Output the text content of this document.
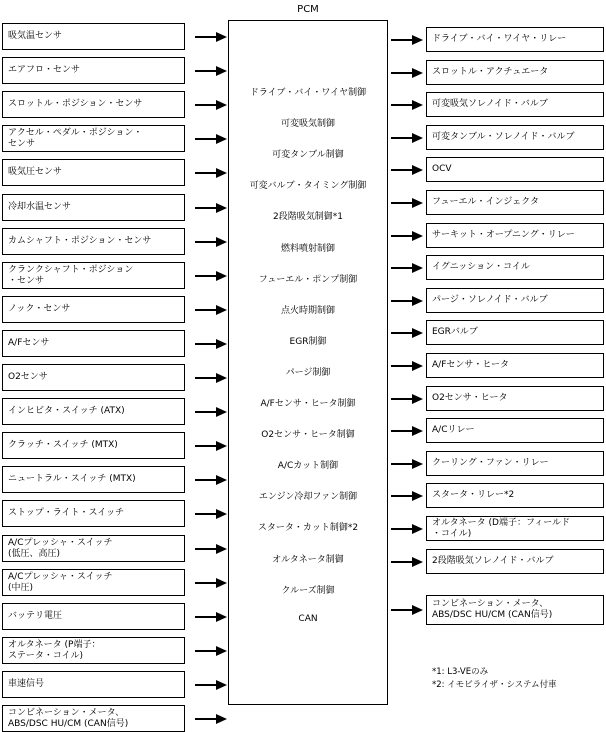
PCM
ドライブ・バイ・ワイヤ制御
可変吸気制御
可変タンブル制御
可変バルブ・タイミング制御
2段階吸気制御*1
燃料噴射制御
フューエル・ポンプ制御
点火時期制御
EGR制御
パージ制御
A/Fセンサ・ヒータ制御
O2センサ・ヒータ制御
A/Cカット制御
エンジン冷却ファン制御
スタータ・カット制御*2
オルタネータ制御
クルーズ制御
CAN
吸気温センサ
エアフロ・センサ
スロットル・ポジション・センサ
アクセル・ペダル・ポジション・
センサ
吸気圧センサ
冷却水温センサ
カムシャフト・ポジション・センサ
クランクシャフト・ポジション
・センサ
ノック・センサ
A/Fセンサ
O2センサ
インヒビタ・スイッチ (ATX)
クラッチ・スイッチ (MTX)
ニュートラル・スイッチ (MTX)
ストップ・ライト・スイッチ
A/Cプレッシャ・スイッチ
(低圧、高圧)
A/Cプレッシャ・スイッチ
(中圧)
バッテリ電圧
オルタネータ (P端子：
ステータ・コイル)
車速信号
コンビネーション・メータ、
ABS/DSC HU/CM (CAN信号)
ドライブ・バイ・ワイヤ・リレー
スロットル・アクチュエータ
可変吸気ソレノイド・バルブ
可変タンブル・ソレノイド・バルブ
OCV
フューエル・インジェクタ
サーキット・オープニング・リレー
イグニッション・コイル
パージ・ソレノイド・バルブ
EGRバルブ
A/Fセンサ・ヒータ
O2センサ・ヒータ
A/Cリレー
クーリング・ファン・リレー
スタータ・リレー*2
オルタネータ (D端子：フィールド
・コイル)
2段階吸気ソレノイド・バルブ
コンビネーション・メータ、
ABS/DSC HU/CM (CAN信号)
*1: L3-VEのみ
*2: イモビライザ・システム付車
